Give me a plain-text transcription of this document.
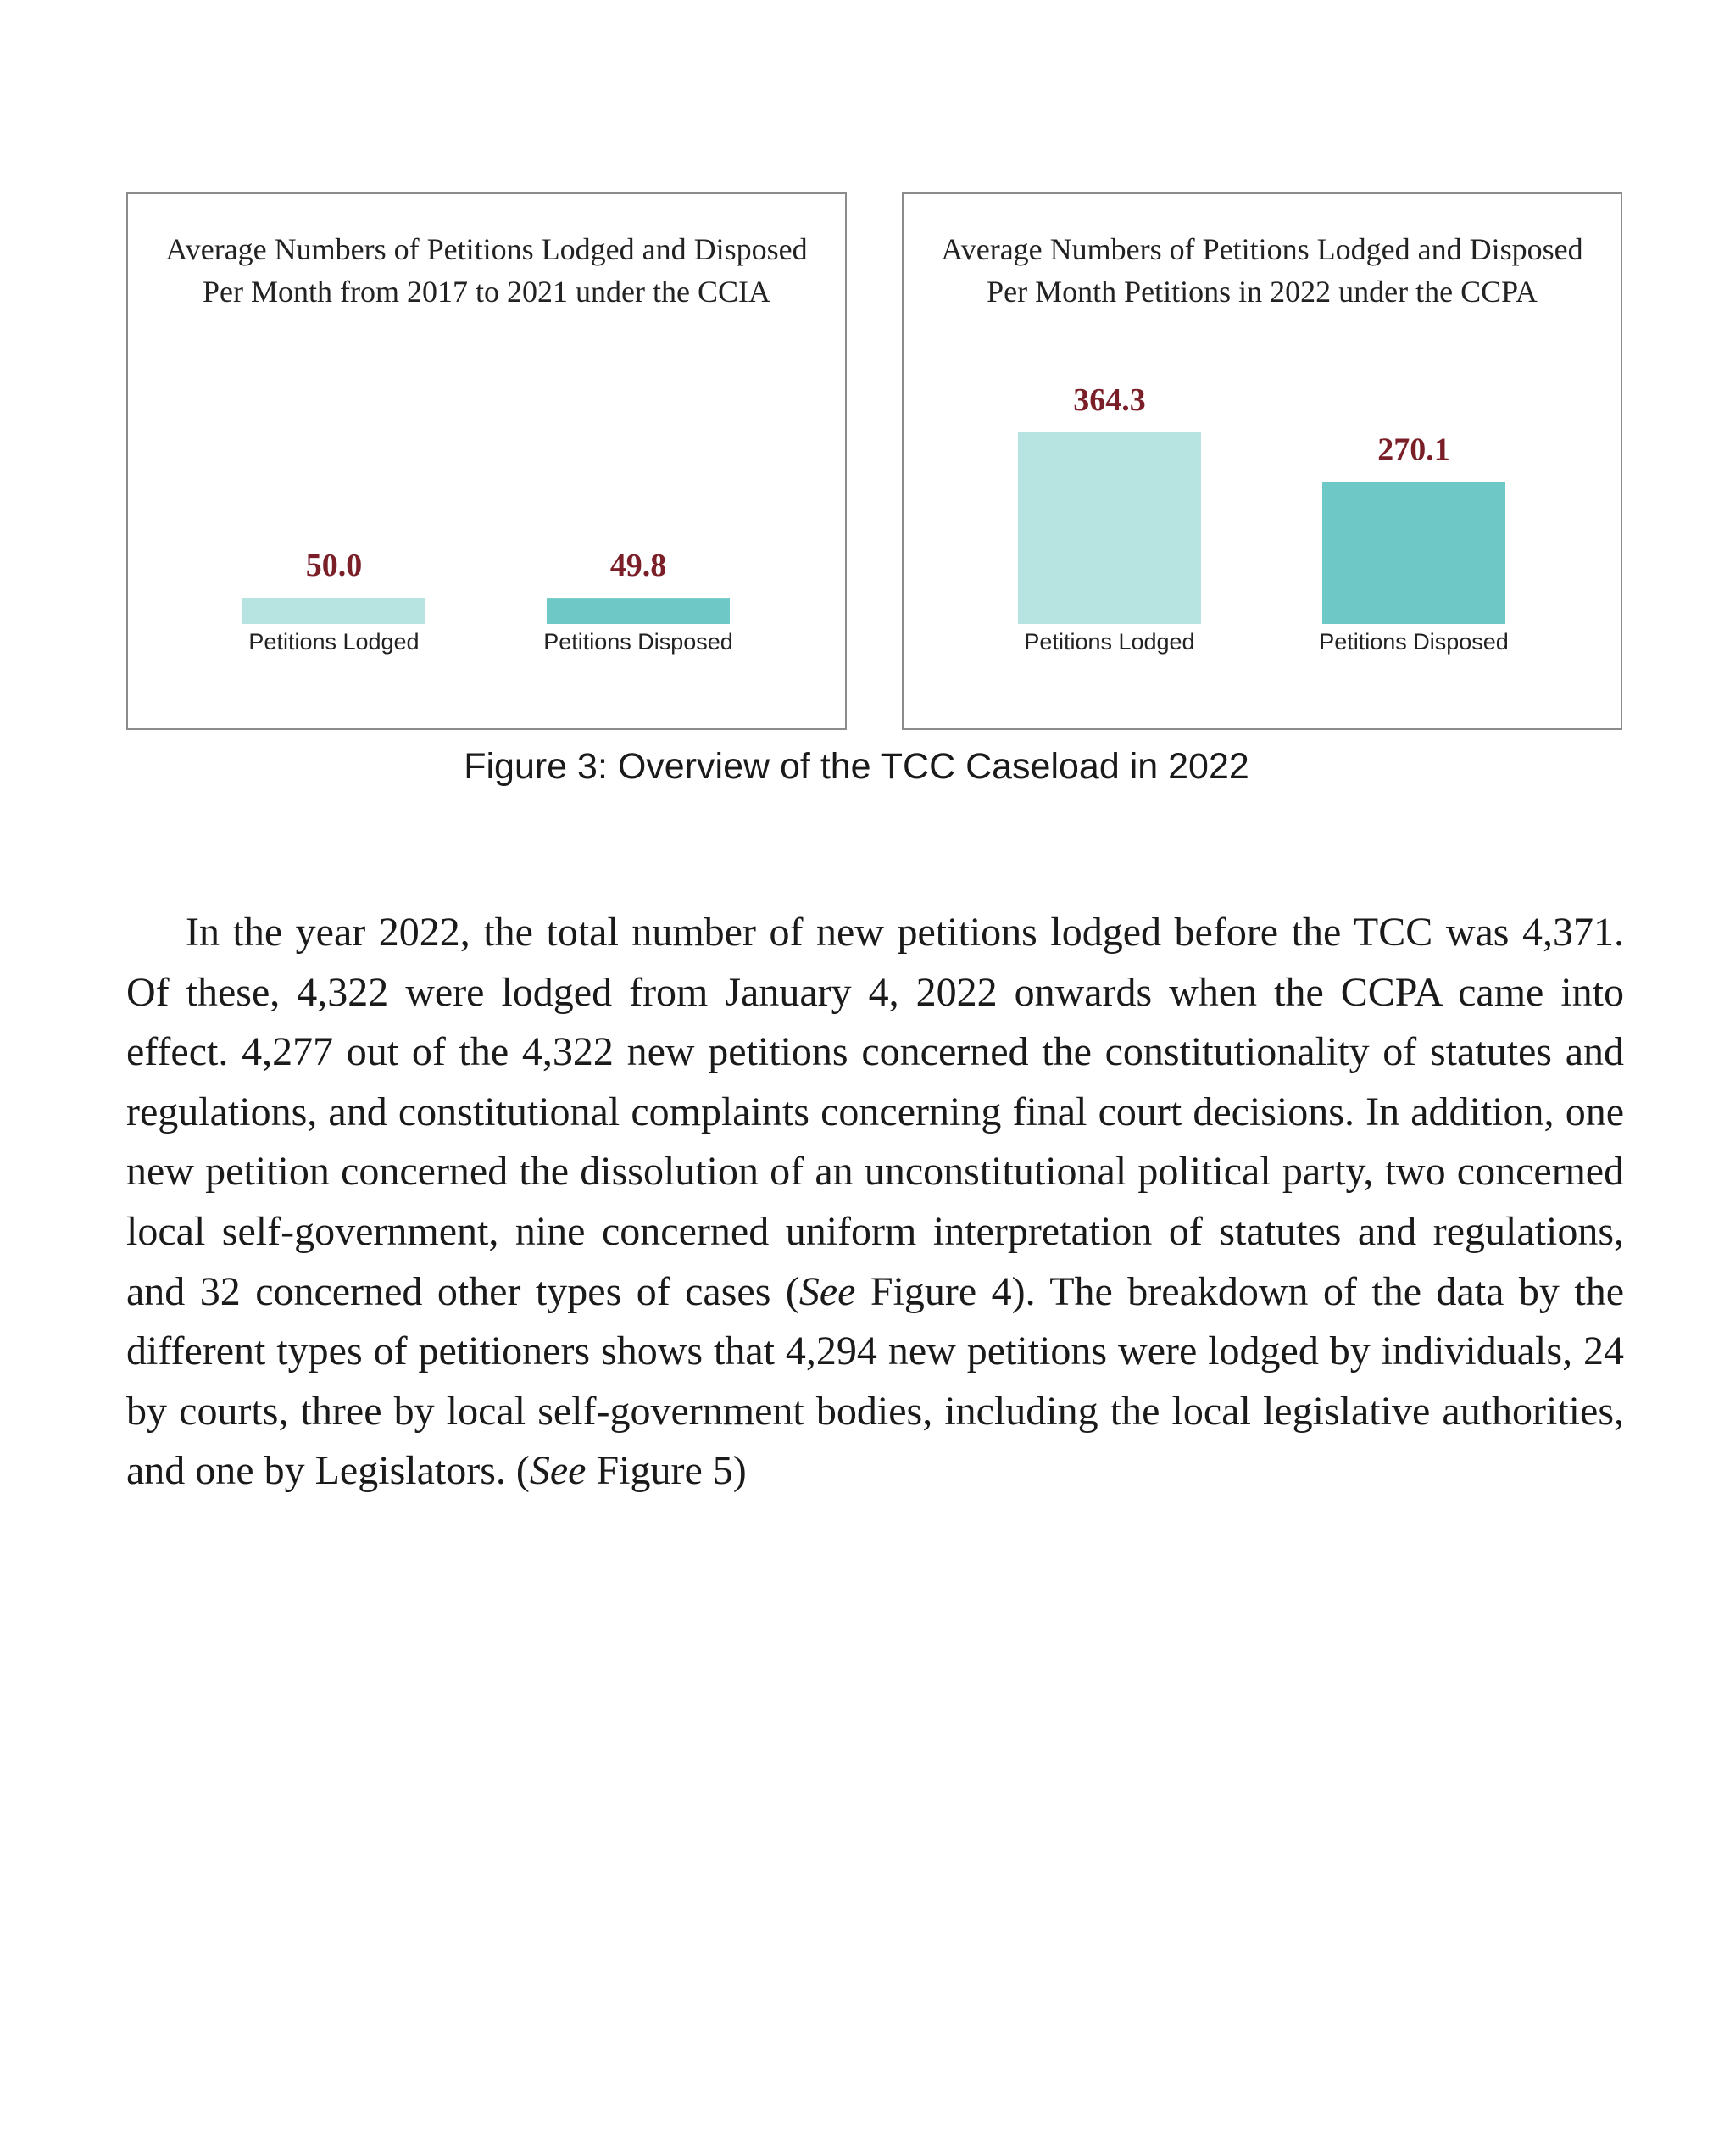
Average Numbers of Petitions Lodged and Disposed
Per Month from 2017 to 2021 under the CCIA
50.0
Petitions Lodged
49.8
Petitions Disposed
Average Numbers of Petitions Lodged and Disposed
Per Month Petitions in 2022 under the CCPA
364.3
Petitions Lodged
270.1
Petitions Disposed

Figure 3: Overview of the TCC Caseload in 2022

In the year 2022, the total number of new petitions lodged before the TCC was 4,371. Of these, 4,322 were lodged from January 4, 2022 onwards when the CCPA came into effect. 4,277 out of the 4,322 new petitions concerned the constitutionality of statutes and regulations, and constitutional complaints concerning final court decisions. In addition, one new petition concerned the dissolution of an unconstitutional political party, two concerned local self-government, nine concerned uniform interpretation of statutes and regulations, and 32 concerned other types of cases (See Figure 4). The breakdown of the data by the different types of petitioners shows that 4,294 new petitions were lodged by individuals, 24 by courts, three by local self-government bodies, including the local legislative authorities, and one by Legislators. (See Figure 5)
